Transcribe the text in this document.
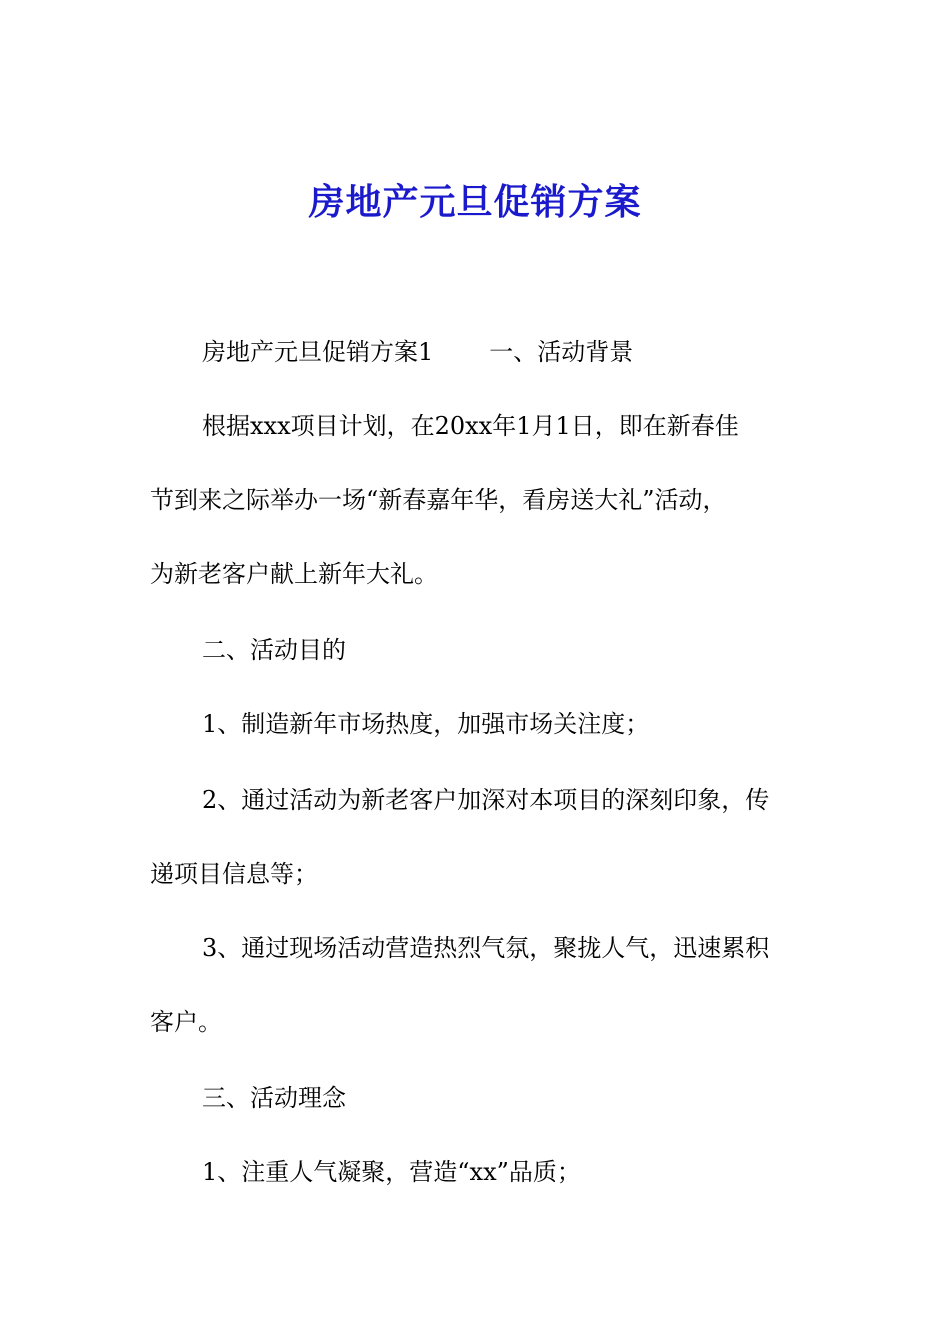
房地产元旦促销方案
房地产元旦促销方案1 一、活动背景
根据xxx项目计划，在20xx年1月1日，即在新春佳
节到来之际举办一场“新春嘉年华，看房送大礼”活动，
为新老客户献上新年大礼。
二、活动目的
1、制造新年市场热度，加强市场关注度；
2、通过活动为新老客户加深对本项目的深刻印象，传
递项目信息等；
3、通过现场活动营造热烈气氛，聚拢人气，迅速累积
客户。
三、活动理念
1、注重人气凝聚，营造“xx”品质；
